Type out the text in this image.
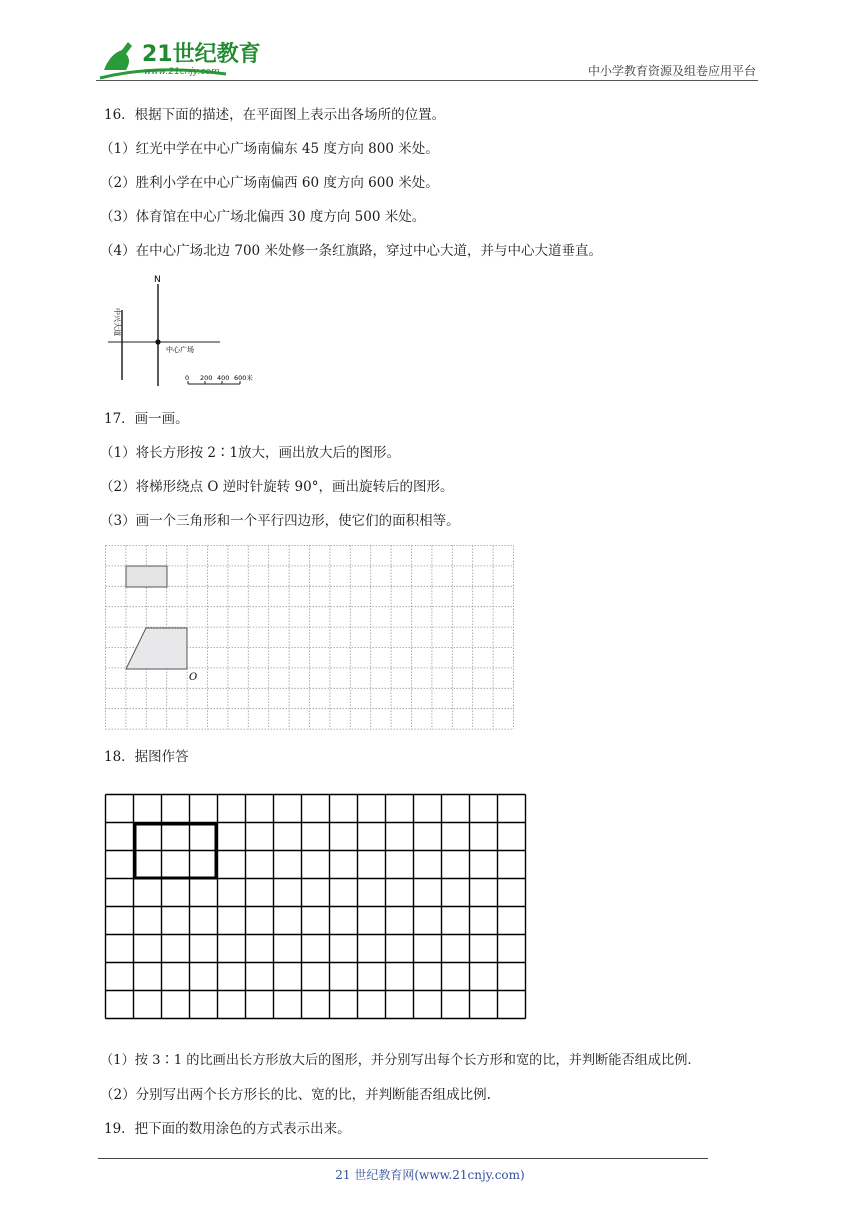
21世纪教育
www.21cnjy.com	中小学教育资源及组卷应用平台
16．根据下面的描述，在平面图上表示出各场所的位置。
（1）红光中学在中心广场南偏东 45 度方向 800 米处。
（2）胜利小学在中心广场南偏西 60 度方向 600 米处。
（3）体育馆在中心广场北偏西 30 度方向 500 米处。
（4）在中心广场北边 700 米处修一条红旗路，穿过中心大道，并与中心大道垂直。
N
中心广场
中兴大道
0 200 400 600米
17．画一画。
（1）将长方形按 2∶1放大，画出放大后的图形。
（2）将梯形绕点 O 逆时针旋转 90°，画出旋转后的图形。
（3）画一个三角形和一个平行四边形，使它们的面积相等。
O
18．据图作答
（1）按 3∶1 的比画出长方形放大后的图形，并分别写出每个长方形和宽的比，并判断能否组成比例.
（2）分别写出两个长方形长的比、宽的比，并判断能否组成比例.
19．把下面的数用涂色的方式表示出来。
21 世纪教育网(www.21cnjy.com)
